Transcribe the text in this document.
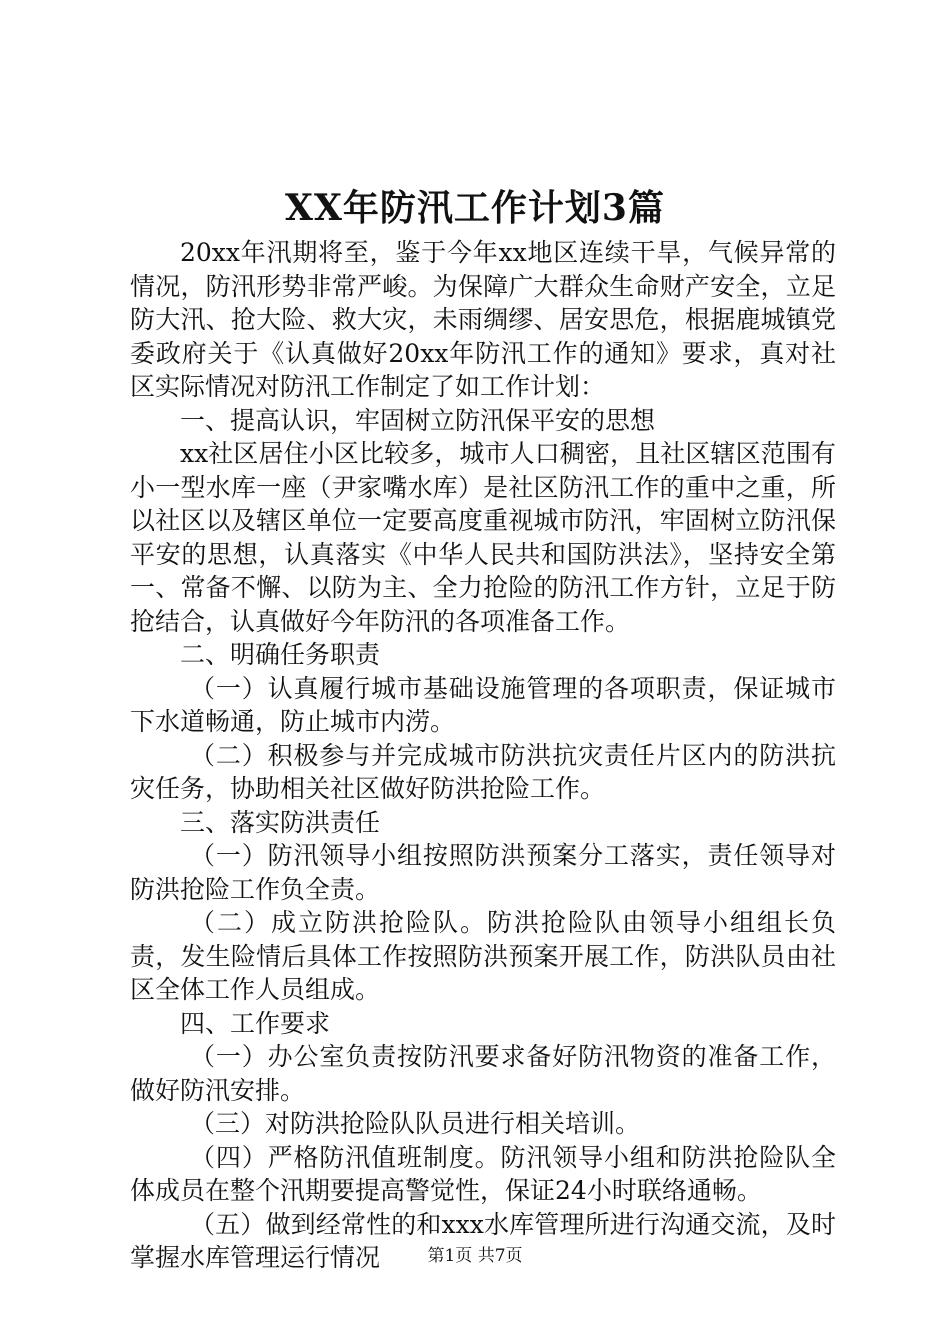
XX年防汛工作计划3篇

20xx年汛期将至，鉴于今年xx地区连续干旱，气候异常的情况，防汛形势非常严峻。为保障广大群众生命财产安全，立足防大汛、抢大险、救大灾，未雨绸缪、居安思危，根据鹿城镇党委政府关于《认真做好20xx年防汛工作的通知》要求，真对社区实际情况对防汛工作制定了如工作计划：

一、提高认识，牢固树立防汛保平安的思想

xx社区居住小区比较多，城市人口稠密，且社区辖区范围有小一型水库一座（尹家嘴水库）是社区防汛工作的重中之重，所以社区以及辖区单位一定要高度重视城市防汛，牢固树立防汛保平安的思想，认真落实《中华人民共和国防洪法》，坚持安全第一、常备不懈、以防为主、全力抢险的防汛工作方针，立足于防抢结合，认真做好今年防汛的各项准备工作。

二、明确任务职责

（一）认真履行城市基础设施管理的各项职责，保证城市下水道畅通，防止城市内涝。

（二）积极参与并完成城市防洪抗灾责任片区内的防洪抗灾任务，协助相关社区做好防洪抢险工作。

三、落实防洪责任

（一）防汛领导小组按照防洪预案分工落实，责任领导对防洪抢险工作负全责。

（二）成立防洪抢险队。防洪抢险队由领导小组组长负责，发生险情后具体工作按照防洪预案开展工作，防洪队员由社区全体工作人员组成。

四、工作要求

（一）办公室负责按防汛要求备好防汛物资的准备工作，做好防汛安排。

（三）对防洪抢险队队员进行相关培训。

（四）严格防汛值班制度。防汛领导小组和防洪抢险队全体成员在整个汛期要提高警觉性，保证24小时联络通畅。

（五）做到经常性的和xxx水库管理所进行沟通交流，及时掌握水库管理运行情况	第1页 共7页
